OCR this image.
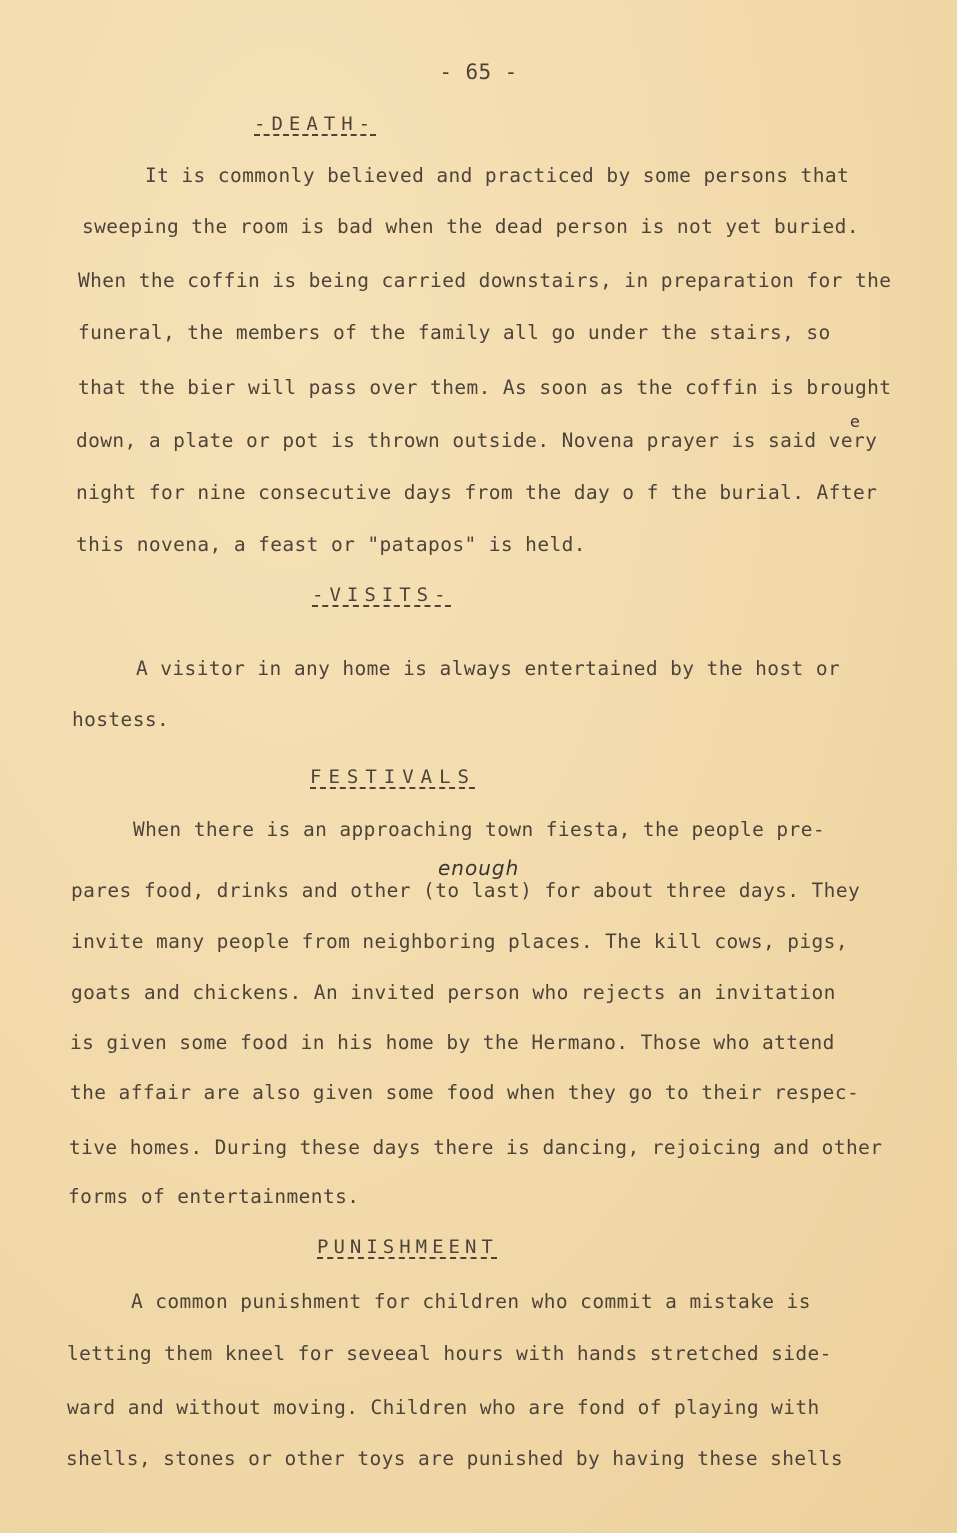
- 65 -
-DEATH-
It is commonly believed and practiced by some persons that
sweeping the room is bad when the dead person is not yet buried.
When the coffin is being carried downstairs, in preparation for the
funeral, the members of the family all go under the stairs, so
that the bier will pass over them. As soon as the coffin is brought
e
down, a plate or pot is thrown outside. Novena prayer is said very
night for nine consecutive days from the day o f the burial. After
this novena, a feast or "patapos" is held.
-VISITS-
A visitor in any home is always entertained by the host or
hostess.
FESTIVALS
When there is an approaching town fiesta, the people pre-
enough
pares food, drinks and other (to last) for about three days. They
invite many people from neighboring places. The kill cows, pigs,
goats and chickens. An invited person who rejects an invitation
is given some food in his home by the Hermano. Those who attend
the affair are also given some food when they go to their respec-
tive homes. During these days there is dancing, rejoicing and other
forms of entertainments.
PUNISHMEENT
A common punishment for children who commit a mistake is
letting them kneel for seveeal hours with hands stretched side-
ward and without moving. Children who are fond of playing with
shells, stones or other toys are punished by having these shells
